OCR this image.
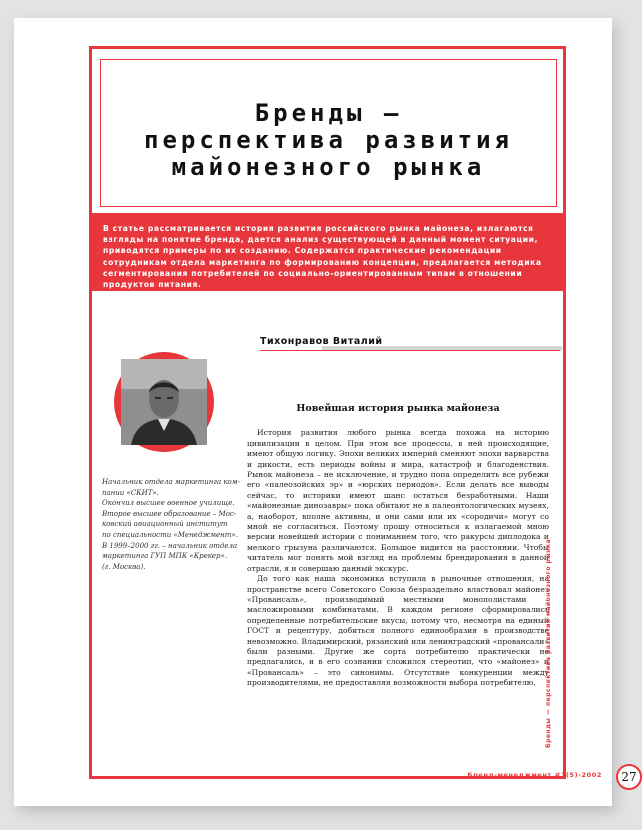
Бренды —
перспектива развития
майонезного рынка

В статье рассматривается история развития российского рынка майонеза, излагаются взгляды на понятие бренда, дается анализ существующей в данный момент ситуации, приводятся примеры по их созданию. Содержатся практические рекомендации сотрудникам отдела маркетинга по формированию концепции, предлагается методика сегментирования потребителей по социально-ориентированным типам в отношении продуктов питания.

Тихонравов Виталий
Начальник отдела маркетинга ком-
пании «СКИТ».
Окончил высшее военное училище.
Второе высшее образование – Мос-
ковский авиационный институт
по специальности «Менеджмент».
В 1999–2000 гг. – начальник отдела
маркетинга ГУП МПК «Крекер».
(г. Москва).
Новейшая история рынка майонеза

История развития любого рынка всегда похожа на историю цивилизации в целом. При этом все процессы, в ней происходящие, имеют общую логику. Эпохи великих империй сменяют эпохи варварства и дикости, есть периоды войны и мира, катастроф и благоденствия. Рынок майонеза – не исключение, и трудно попа определить все рубежи его «палеозойских эр» и «юрских периодов». Если делать все выводы сейчас, то историки имеют шанс остаться безработными. Наши «майонезные динозавры» пока обитают не в палеонтологических музеях, а, наоборот, вполне активны, и они сами или их «сородичи» могут со мной не согласиться. Поэтому прошу относиться к излагаемой мною версии новейшей истории с пониманием того, что ракурсы диплодока и мелкого грызуна различаются. Большое видится на расстоянии. Чтобы читатель мог понять мой взгляд на проблемы брендирования в данной отрасли, я и совершаю данный экскурс.

До того как наша экономика вступила в рыночные отношения, на пространстве всего Советского Союза безраздельно властвовал майонез «Провансаль», производимый местными монополистами – масложировыми комбинатами. В каждом регионе сформировались определенные потребительские вкусы, потому что, несмотря на единый ГОСТ и рецептуру, добиться полного единообразия в производстве невозможно. Владимирский, рязанский или ленинградский «провансали» были разными. Другие же сорта потребителю практически не предлагались, и в его сознании сложился стереотип, что «майонез» и «Провансаль» – это синонимы. Отсутствие конкуренции между производителями, не предоставляя возможности выбора потребителю,

Бренд-менеджмент #1(5)-2002	27
Бренды — перспектива развития майонезного рынка
